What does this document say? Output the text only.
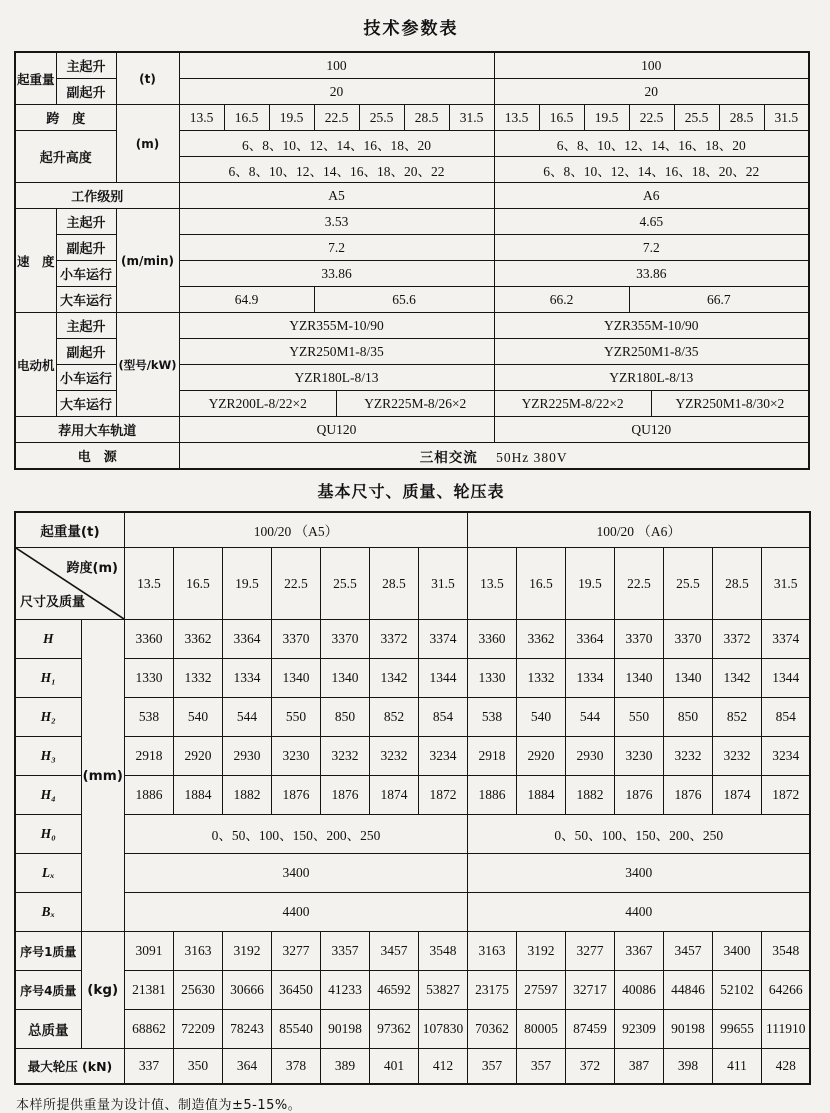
技术参数表
起重量	主起升	(t)	100							100						
	副起升		20							20						
跨　度		(m)	13.5	16.5	19.5	22.5	25.5	28.5	31.5	13.5	16.5	19.5	22.5	25.5	28.5	31.5
起升高度			6、8、10、12、14、16、18、20							6、8、10、12、14、16、18、20						
			6、8、10、12、14、16、18、20、22							6、8、10、12、14、16、18、20、22						
工作级别			A5							A6						
速　度	主起升	(m/min)	3.53							4.65						
	副起升		7.2							7.2						
	小车运行		33.86							33.86						
	大车运行		64.9			65.6				66.2			66.7			
电动机	主起升	(型号/kW)	YZR355M-10/90							YZR355M-10/90						
	副起升		YZR250M1-8/35							YZR250M1-8/35						
	小车运行		YZR180L-8/13							YZR180L-8/13						
大车运行	YZR200L-8/22×2	YZR225M-8/26×2	YZR225M-8/22×2	YZR250M1-8/30×2

荐用大车轨道			QU120							QU120						
电　源			三相交流 50Hz 380V													
基本尺寸、质量、轮压表
起重量(t)		100/20 （A5）							100/20 （A6）						

跨度(m)
尺寸及质量		13.5	16.5	19.5	22.5	25.5	28.5	31.5	13.5	16.5	19.5	22.5	25.5	28.5	31.5
H	(mm)	3360	3362	3364	3370	3370	3372	3374	3360	3362	3364	3370	3370	3372	3374
H₁		1330	1332	1334	1340	1340	1342	1344	1330	1332	1334	1340	1340	1342	1344
H₂		538	540	544	550	850	852	854	538	540	544	550	850	852	854
H₃		2918	2920	2930	3230	3232	3232	3234	2918	2920	2930	3230	3232	3232	3234
H₄		1886	1884	1882	1876	1876	1874	1872	1886	1884	1882	1876	1876	1874	1872
H₀		0、50、100、150、200、250							0、50、100、150、200、250						
Lₓ		3400							3400						
Bₓ		4400							4400						
序号1质量	(kg)	3091	3163	3192	3277	3357	3457	3548	3163	3192	3277	3367	3457	3400	3548
序号4质量		21381	25630	30666	36450	41233	46592	53827	23175	27597	32717	40086	44846	52102	64266
总质量		68862	72209	78243	85540	90198	97362	107830	70362	80005	87459	92309	90198	99655	111910
最大轮压 (kN)		337	350	364	378	389	401	412	357	357	372	387	398	411	428
本样所提供重量为设计值、制造值为±5-15%。
